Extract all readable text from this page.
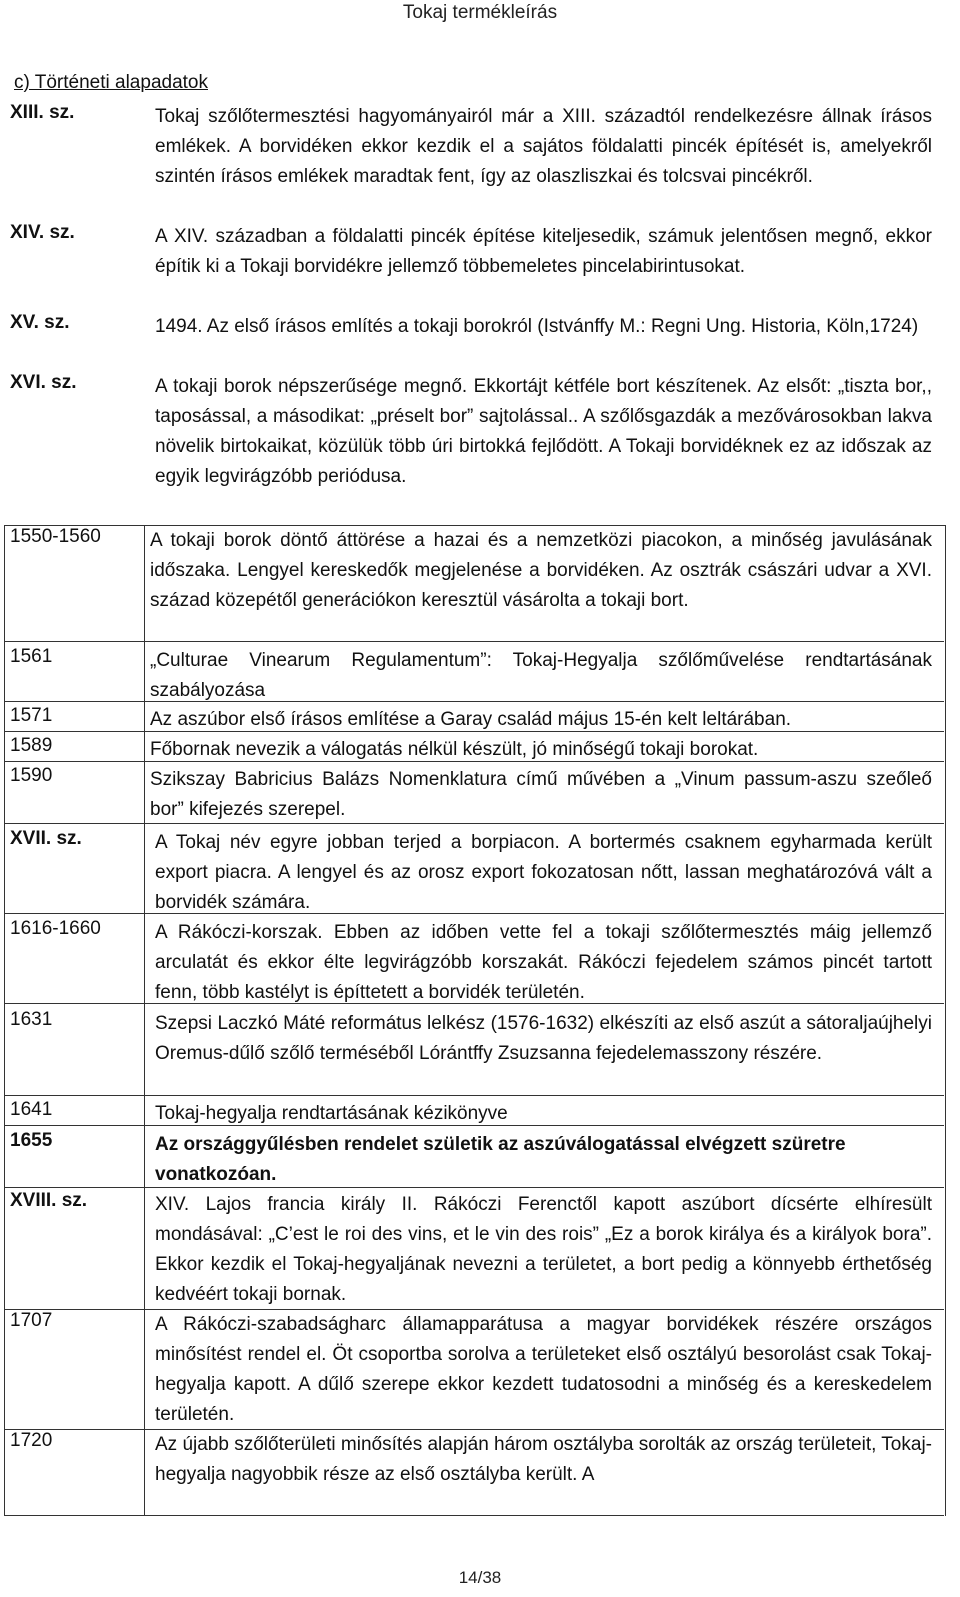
Tokaj termékleírás
c) Történeti alapadatok
XIII. sz.	Tokaj szőlőtermesztési hagyományairól már a XIII. századtól rendelkezésre állnak írásos emlékek. A borvidéken ekkor kezdik el a sajátos földalatti pincék építését is, amelyekről szintén írásos emlékek maradtak fent, így az olaszliszkai és tolcsvai pincékről.
XIV. sz.	A XIV. században a földalatti pincék építése kiteljesedik, számuk jelentősen megnő, ekkor építik ki a Tokaji borvidékre jellemző többemeletes pincelabirintusokat.
XV. sz.	1494. Az első írásos említés a tokaji borokról (Istvánffy M.: Regni Ung. Historia, Köln,1724)
XVI. sz.	A tokaji borok népszerűsége megnő. Ekkortájt kétféle bort készítenek. Az elsőt: „tiszta bor,, taposással, a másodikat: „préselt bor” sajtolással.. A szőlősgazdák a mezővárosokban lakva növelik birtokaikat, közülük több úri birtokká fejlődött. A Tokaji borvidéknek ez az időszak az egyik legvirágzóbb periódusa.
1550-1560	A tokaji borok döntő áttörése a hazai és a nemzetközi piacokon, a minőség javulásának időszaka. Lengyel kereskedők megjelenése a borvidéken. Az osztrák császári udvar a XVI. század közepétől generációkon keresztül vásárolta a tokaji bort.
1561	„Culturae Vinearum Regulamentum”: Tokaj-Hegyalja szőlőművelése rendtartásának szabályozása
1571	Az aszúbor első írásos említése a Garay család május 15-én kelt leltárában.
1589	Főbornak nevezik a válogatás nélkül készült, jó minőségű tokaji borokat.
1590	Szikszay Babricius Balázs Nomenklatura című művében a „Vinum passum-aszu szeőleő bor” kifejezés szerepel.
XVII. sz.	A Tokaj név egyre jobban terjed a borpiacon. A bortermés csaknem egyharmada került export piacra. A lengyel és az orosz export fokozatosan nőtt, lassan meghatározóvá vált a borvidék számára.
1616-1660	A Rákóczi-korszak. Ebben az időben vette fel a tokaji szőlőtermesztés máig jellemző arculatát és ekkor élte legvirágzóbb korszakát. Rákóczi fejedelem számos pincét tartott fenn, több kastélyt is építtetett a borvidék területén.
1631	Szepsi Laczkó Máté református lelkész (1576-1632) elkészíti az első aszút a sátoraljaújhelyi Oremus-dűlő szőlő terméséből Lórántffy Zsuzsanna fejedelemasszony részére.
1641	Tokaj-hegyalja rendtartásának kézikönyve
1655	Az országgyűlésben rendelet születik az aszúválogatással elvégzett szüretre vonatkozóan.
XVIII. sz.	XIV. Lajos francia király II. Rákóczi Ferenctől kapott aszúbort dícsérte elhíresült mondásával: „C’est le roi des vins, et le vin des rois” „Ez a borok királya és a királyok bora”. Ekkor kezdik el Tokaj-hegyaljának nevezni a területet, a bort pedig a könnyebb érthetőség kedvéért tokaji bornak.
1707	A Rákóczi-szabadságharc államapparátusa a magyar borvidékek részére országos minősítést rendel el. Öt csoportba sorolva a területeket első osztályú besorolást csak Tokaj-hegyalja kapott. A dűlő szerepe ekkor kezdett tudatosodni a minőség és a kereskedelem területén.
1720	Az újabb szőlőterületi minősítés alapján három osztályba sorolták az ország területeit, Tokaj-hegyalja nagyobbik része az első osztályba került. A
14/38
